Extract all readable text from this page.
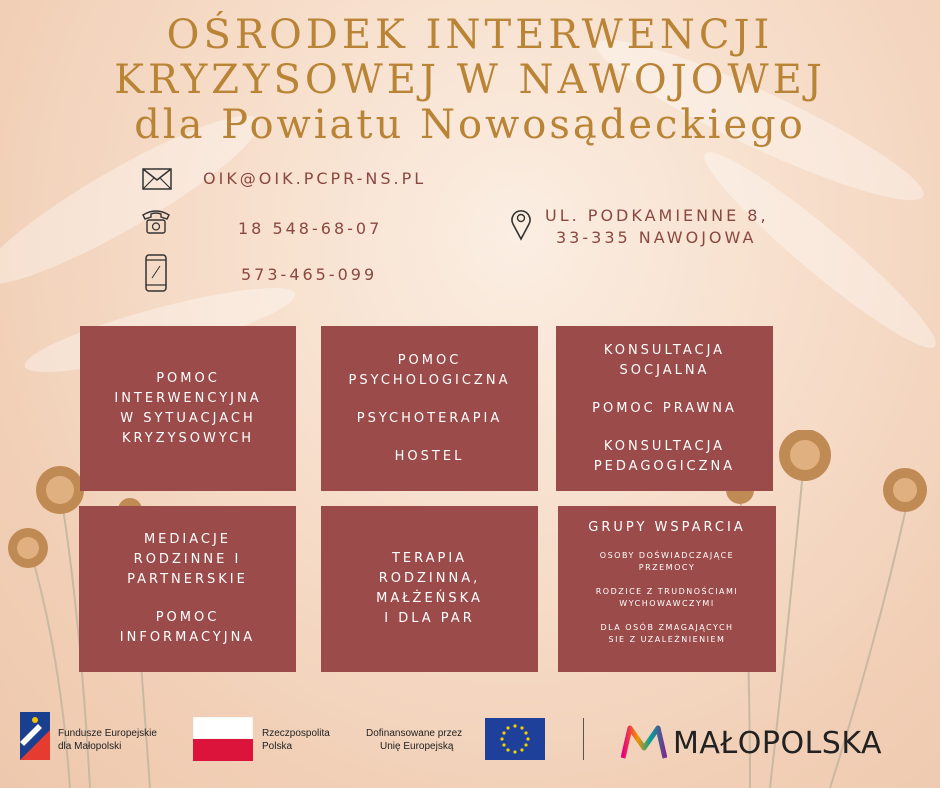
OŚRODEK INTERWENCJI
KRYZYSOWEJ W NAWOJOWEJ
dla Powiatu Nowosądeckiego
OIK@OIK.PCPR-NS.PL
18 548-68-07
573-465-099
UL. PODKAMIENNE 8,
33-335 NAWOJOWA
POMOC
INTERWENCYJNA
W SYTUACJACH
KRYZYSOWYCH
POMOC
PSYCHOLOGICZNA
PSYCHOTERAPIA
HOSTEL
KONSULTACJA
SOCJALNA
POMOC PRAWNA
KONSULTACJA
PEDAGOGICZNA
MEDIACJE
RODZINNE I
PARTNERSKIE
POMOC
INFORMACYJNA
TERAPIA
RODZINNA,
MAŁŻEŃSKA
I DLA PAR
GRUPY WSPARCIA
OSOBY DOŚWIADCZAJĄCE
PRZEMOCY
RODZICE Z TRUDNOŚCIAMI
WYCHOWAWCZYMI
DLA OSÓB ZMAGAJĄCYCH
SIE Z UZALEŻNIENIEM
Fundusze Europejskie
dla Małopolski
Rzeczpospolita
Polska
Dofinansowane przez
Unię Europejską	MAŁOPOLSKA
